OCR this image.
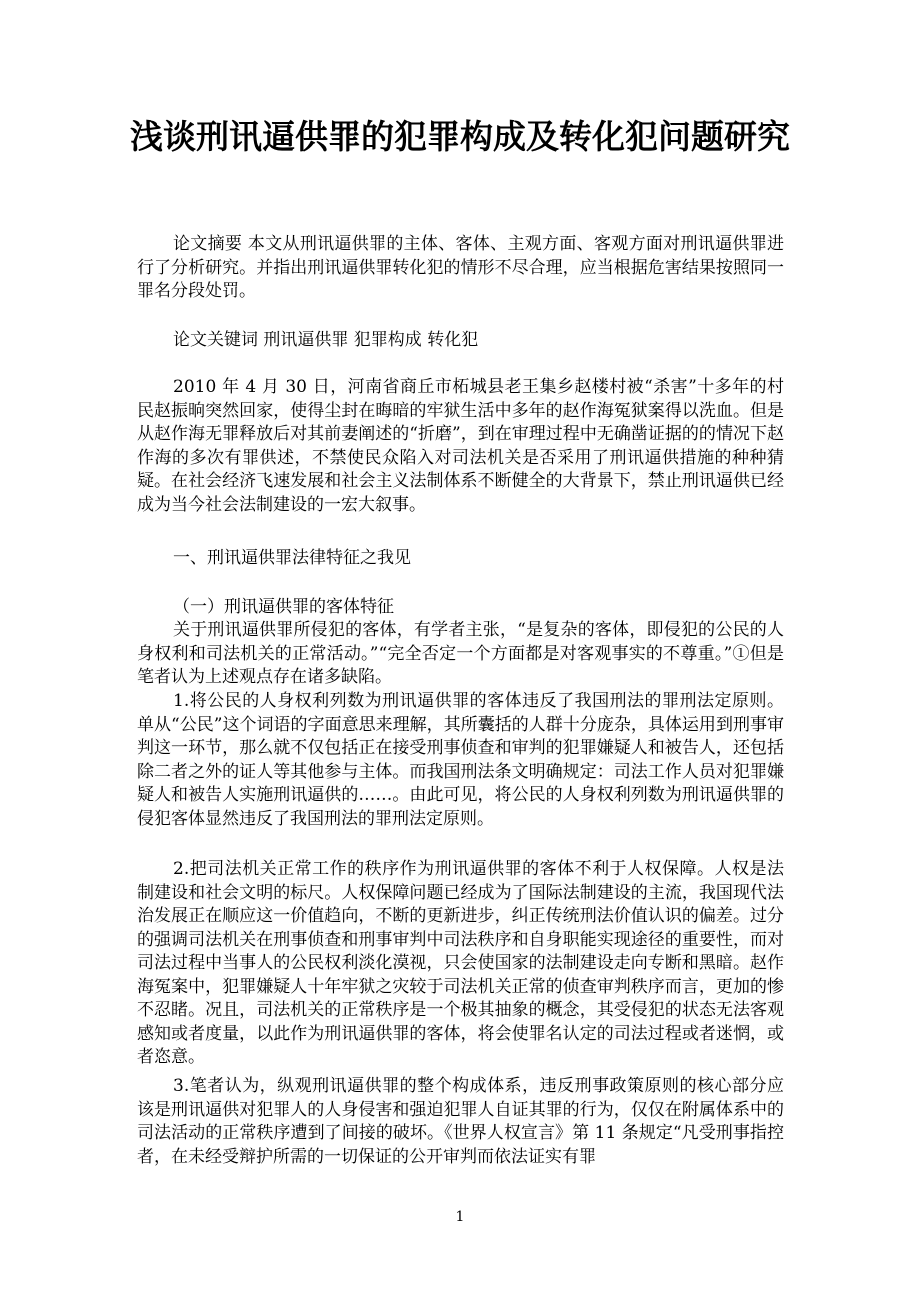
浅谈刑讯逼供罪的犯罪构成及转化犯问题研究

论文摘要 本文从刑讯逼供罪的主体、客体、主观方面、客观方面对刑讯逼供罪进行了分析研究。并指出刑讯逼供罪转化犯的情形不尽合理，应当根据危害结果按照同一罪名分段处罚。

论文关键词 刑讯逼供罪 犯罪构成 转化犯

2010 年 4 月 30 日，河南省商丘市柘城县老王集乡赵楼村被“杀害”十多年的村民赵振晌突然回家，使得尘封在晦暗的牢狱生活中多年的赵作海冤狱案得以洗血。但是从赵作海无罪释放后对其前妻阐述的“折磨”，到在审理过程中无确凿证据的的情况下赵作海的多次有罪供述，不禁使民众陷入对司法机关是否采用了刑讯逼供措施的种种猜疑。在社会经济飞速发展和社会主义法制体系不断健全的大背景下，禁止刑讯逼供已经成为当今社会法制建设的一宏大叙事。

一、刑讯逼供罪法律特征之我见

（一）刑讯逼供罪的客体特征

关于刑讯逼供罪所侵犯的客体，有学者主张，“是复杂的客体，即侵犯的公民的人身权利和司法机关的正常活动。”“完全否定一个方面都是对客观事实的不尊重。”①但是笔者认为上述观点存在诸多缺陷。

1.将公民的人身权利列数为刑讯逼供罪的客体违反了我国刑法的罪刑法定原则。单从“公民”这个词语的字面意思来理解，其所囊括的人群十分庞杂，具体运用到刑事审判这一环节，那么就不仅包括正在接受刑事侦查和审判的犯罪嫌疑人和被告人，还包括除二者之外的证人等其他参与主体。而我国刑法条文明确规定：司法工作人员对犯罪嫌疑人和被告人实施刑讯逼供的……。由此可见，将公民的人身权利列数为刑讯逼供罪的侵犯客体显然违反了我国刑法的罪刑法定原则。

2.把司法机关正常工作的秩序作为刑讯逼供罪的客体不利于人权保障。人权是法制建设和社会文明的标尺。人权保障问题已经成为了国际法制建设的主流，我国现代法治发展正在顺应这一价值趋向，不断的更新进步，纠正传统刑法价值认识的偏差。过分的强调司法机关在刑事侦查和刑事审判中司法秩序和自身职能实现途径的重要性，而对司法过程中当事人的公民权利淡化漠视，只会使国家的法制建设走向专断和黑暗。赵作海冤案中，犯罪嫌疑人十年牢狱之灾较于司法机关正常的侦查审判秩序而言，更加的惨不忍睹。况且，司法机关的正常秩序是一个极其抽象的概念，其受侵犯的状态无法客观感知或者度量，以此作为刑讯逼供罪的客体，将会使罪名认定的司法过程或者迷惘，或者恣意。

3.笔者认为，纵观刑讯逼供罪的整个构成体系，违反刑事政策原则的核心部分应该是刑讯逼供对犯罪人的人身侵害和强迫犯罪人自证其罪的行为，仅仅在附属体系中的司法活动的正常秩序遭到了间接的破坏。《世界人权宣言》第 11 条规定“凡受刑事指控者，在未经受辩护所需的一切保证的公开审判而依法证实有罪

1
